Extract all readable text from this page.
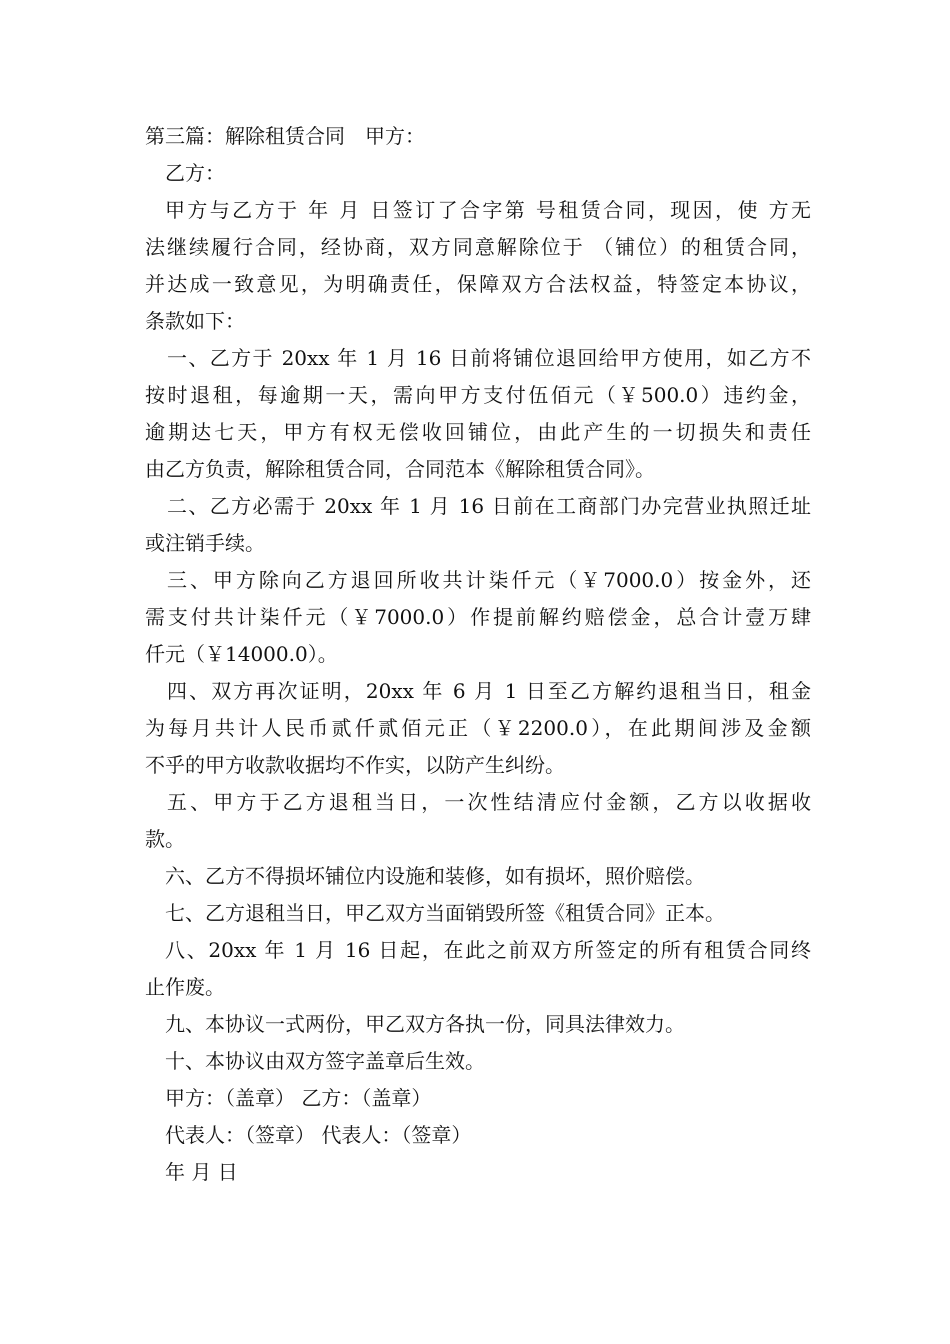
第三篇：解除租赁合同　甲方：
乙方：
甲方与乙方于 年 月 日签订了合字第 号租赁合同，现因，使 方无
法继续履行合同，经协商，双方同意解除位于 （铺位）的租赁合同，
并达成一致意见，为明确责任，保障双方合法权益，特签定本协议，
条款如下：
一、乙方于 20xx 年 1 月 16 日前将铺位退回给甲方使用，如乙方不
按时退租，每逾期一天，需向甲方支付伍佰元（￥500.0）违约金，
逾期达七天，甲方有权无偿收回铺位，由此产生的一切损失和责任
由乙方负责，解除租赁合同，合同范本《解除租赁合同》。
二、乙方必需于 20xx 年 1 月 16 日前在工商部门办完营业执照迁址
或注销手续。
三、甲方除向乙方退回所收共计柒仟元（￥7000.0）按金外，还
需支付共计柒仟元（￥7000.0）作提前解约赔偿金，总合计壹万肆
仟元（￥14000.0）。
四、双方再次证明，20xx 年 6 月 1 日至乙方解约退租当日，租金
为每月共计人民币贰仟贰佰元正（￥2200.0），在此期间涉及金额
不乎的甲方收款收据均不作实，以防产生纠纷。
五、甲方于乙方退租当日，一次性结清应付金额，乙方以收据收
款。
六、乙方不得损坏铺位内设施和装修，如有损坏，照价赔偿。
七、乙方退租当日，甲乙双方当面销毁所签《租赁合同》正本。
八、20xx 年 1 月 16 日起，在此之前双方所签定的所有租赁合同终
止作废。
九、本协议一式两份，甲乙双方各执一份，同具法律效力。
十、本协议由双方签字盖章后生效。
甲方：（盖章） 乙方：（盖章）
代表人：（签章） 代表人：（签章）
年 月 日
